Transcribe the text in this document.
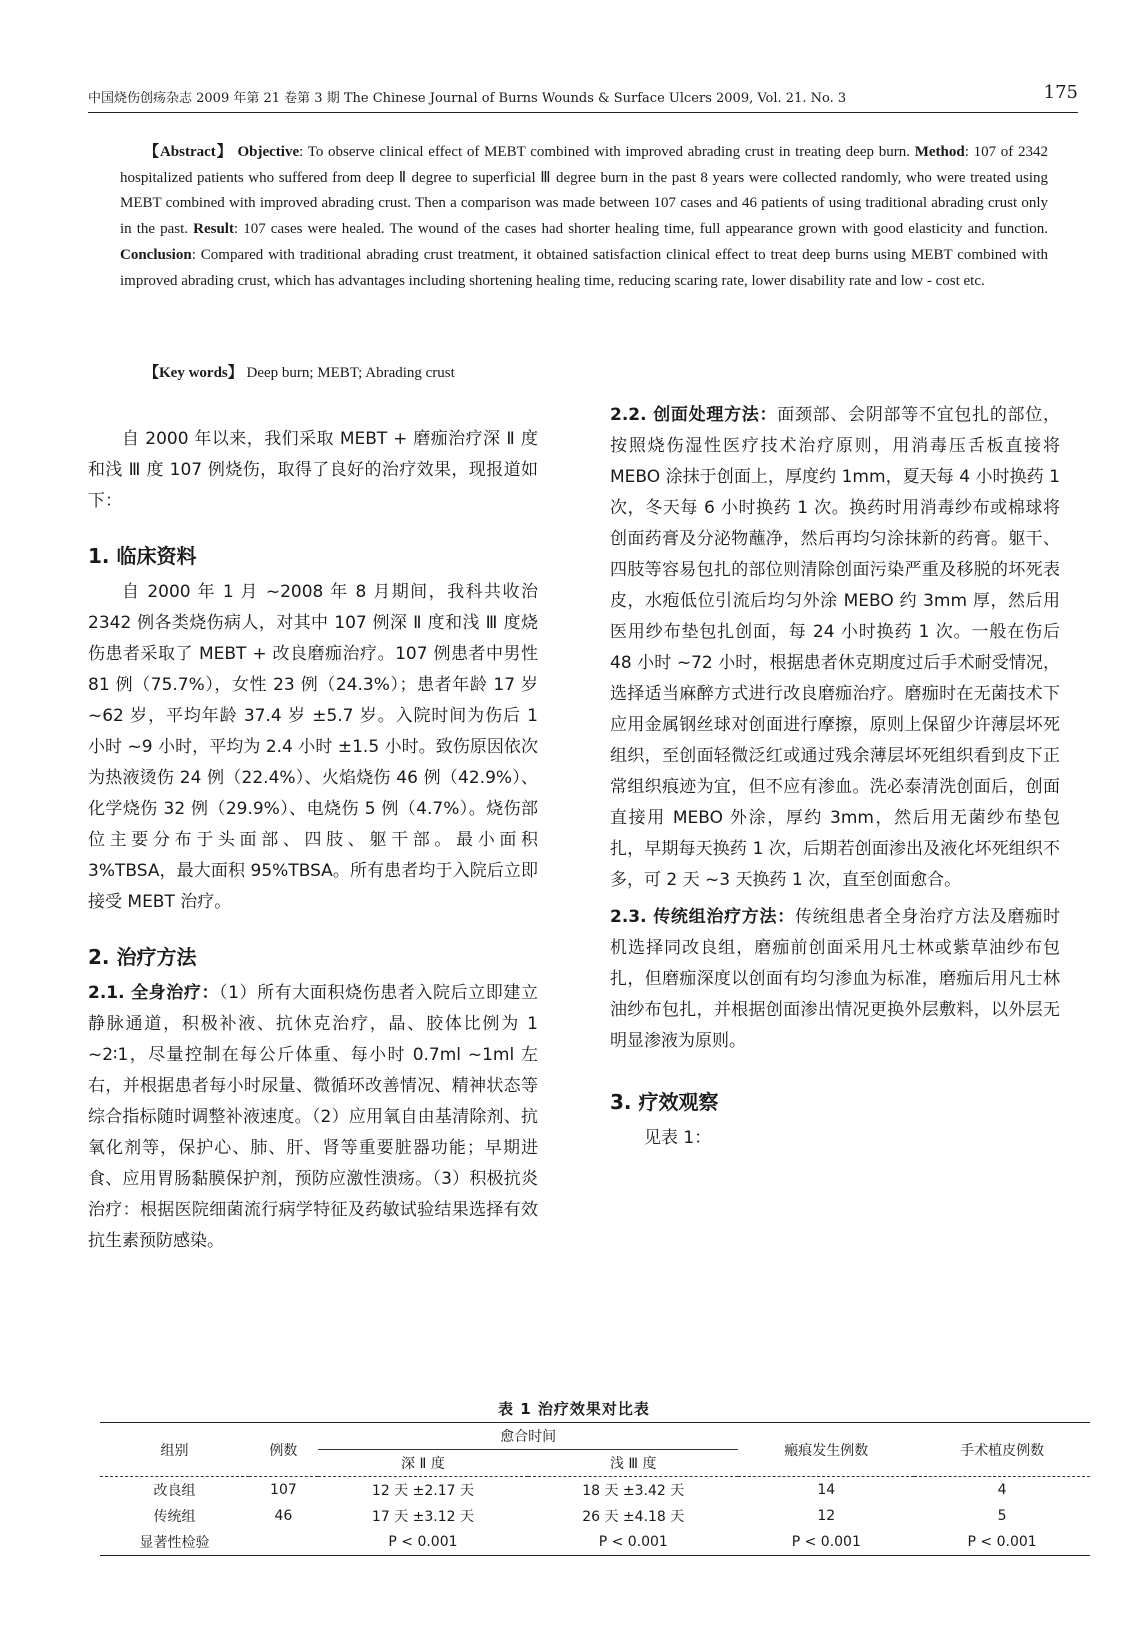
中国烧伤创疡杂志 2009 年第 21 卷第 3 期 The Chinese Journal of Burns Wounds & Surface Ulcers 2009, Vol. 21. No. 3	175

【Abstract】 Objective: To observe clinical effect of MEBT combined with improved abrading crust in treating deep burn. Method: 107 of 2342 hospitalized patients who suffered from deep Ⅱ degree to superficial Ⅲ degree burn in the past 8 years were collected randomly, who were treated using MEBT combined with improved abrading crust. Then a comparison was made between 107 cases and 46 patients of using traditional abrading crust only in the past. Result: 107 cases were healed. The wound of the cases had shorter healing time, full appearance grown with good elasticity and function. Conclusion: Compared with traditional abrading crust treatment, it obtained satisfaction clinical effect to treat deep burns using MEBT combined with improved abrading crust, which has advantages including shortening healing time, reducing scaring rate, lower disability rate and low - cost etc.

【Key words】 Deep burn; MEBT; Abrading crust

自 2000 年以来，我们采取 MEBT + 磨痂治疗深 Ⅱ 度和浅 Ⅲ 度 107 例烧伤，取得了良好的治疗效果，现报道如下：

1. 临床资料

自 2000 年 1 月 ~2008 年 8 月期间，我科共收治 2342 例各类烧伤病人，对其中 107 例深 Ⅱ 度和浅 Ⅲ 度烧伤患者采取了 MEBT + 改良磨痂治疗。107 例患者中男性 81 例（75.7%），女性 23 例（24.3%）；患者年龄 17 岁 ~62 岁，平均年龄 37.4 岁 ±5.7 岁。入院时间为伤后 1 小时 ~9 小时，平均为 2.4 小时 ±1.5 小时。致伤原因依次为热液烫伤 24 例（22.4%）、火焰烧伤 46 例（42.9%）、化学烧伤 32 例（29.9%）、电烧伤 5 例（4.7%）。烧伤部位主要分布于头面部、四肢、躯干部。最小面积 3%TBSA，最大面积 95%TBSA。所有患者均于入院后立即接受 MEBT 治疗。

2. 治疗方法

2.1. 全身治疗：（1）所有大面积烧伤患者入院后立即建立静脉通道，积极补液、抗休克治疗，晶、胶体比例为 1 ~2∶1，尽量控制在每公斤体重、每小时 0.7ml ~1ml 左右，并根据患者每小时尿量、微循环改善情况、精神状态等综合指标随时调整补液速度。（2）应用氧自由基清除剂、抗氧化剂等，保护心、肺、肝、肾等重要脏器功能；早期进食、应用胃肠黏膜保护剂，预防应激性溃疡。（3）积极抗炎治疗：根据医院细菌流行病学特征及药敏试验结果选择有效抗生素预防感染。

2.2. 创面处理方法：面颈部、会阴部等不宜包扎的部位，按照烧伤湿性医疗技术治疗原则，用消毒压舌板直接将 MEBO 涂抹于创面上，厚度约 1mm，夏天每 4 小时换药 1 次，冬天每 6 小时换药 1 次。换药时用消毒纱布或棉球将创面药膏及分泌物蘸净，然后再均匀涂抹新的药膏。躯干、四肢等容易包扎的部位则清除创面污染严重及移脱的坏死表皮，水疱低位引流后均匀外涂 MEBO 约 3mm 厚，然后用医用纱布垫包扎创面，每 24 小时换药 1 次。一般在伤后 48 小时 ~72 小时，根据患者休克期度过后手术耐受情况，选择适当麻醉方式进行改良磨痂治疗。磨痂时在无菌技术下应用金属钢丝球对创面进行摩擦，原则上保留少许薄层坏死组织，至创面轻微泛红或通过残余薄层坏死组织看到皮下正常组织痕迹为宜，但不应有渗血。洗必泰清洗创面后，创面直接用 MEBO 外涂，厚约 3mm，然后用无菌纱布垫包扎，早期每天换药 1 次，后期若创面渗出及液化坏死组织不多，可 2 天 ~3 天换药 1 次，直至创面愈合。

2.3. 传统组治疗方法：传统组患者全身治疗方法及磨痂时机选择同改良组，磨痂前创面采用凡士林或紫草油纱布包扎，但磨痂深度以创面有均匀渗血为标准，磨痂后用凡士林油纱布包扎，并根据创面渗出情况更换外层敷料，以外层无明显渗液为原则。

3. 疗效观察

见表 1：

表 1 治疗效果对比表
组别	例数	愈合时间		瘢痕发生例数	手术植皮例数
		深 Ⅱ 度	浅 Ⅲ 度		
改良组	107	12 天 ±2.17 天	18 天 ±3.42 天	14	4
传统组	46	17 天 ±3.12 天	26 天 ±4.18 天	12	5
显著性检验		P < 0.001	P < 0.001	P < 0.001	P < 0.001
